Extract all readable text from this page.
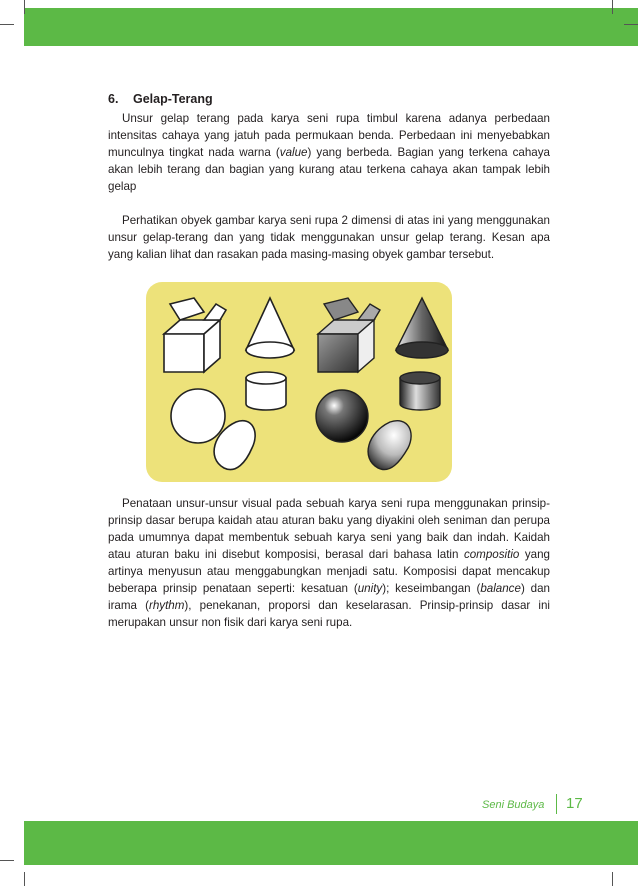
6. Gelap-Terang

Unsur gelap terang pada karya seni rupa timbul karena adanya perbedaan intensitas cahaya yang jatuh pada permukaan benda. Perbedaan ini menyebabkan munculnya tingkat nada warna (value) yang berbeda. Bagian yang terkena cahaya akan lebih terang dan bagian yang kurang atau terkena cahaya akan tampak lebih gelap

Perhatikan obyek gambar karya seni rupa 2 dimensi di atas ini yang menggunakan unsur gelap-terang dan yang tidak menggunakan unsur gelap terang. Kesan apa yang kalian lihat dan rasakan pada masing-masing obyek gambar tersebut.

Penataan unsur-unsur visual pada sebuah karya seni rupa menggunakan prinsip-prinsip dasar berupa kaidah atau aturan baku yang diyakini oleh seniman dan perupa pada umumnya dapat membentuk sebuah karya seni yang baik dan indah. Kaidah atau aturan baku ini disebut komposisi, berasal dari bahasa latin compositio yang artinya menyusun atau menggabungkan menjadi satu. Komposisi dapat mencakup beberapa prinsip penataan seperti: kesatuan (unity); keseimbangan (balance) dan irama (rhythm), penekanan, proporsi dan keselarasan. Prinsip-prinsip dasar ini merupakan unsur non fisik dari karya seni rupa.

Seni Budaya 17
